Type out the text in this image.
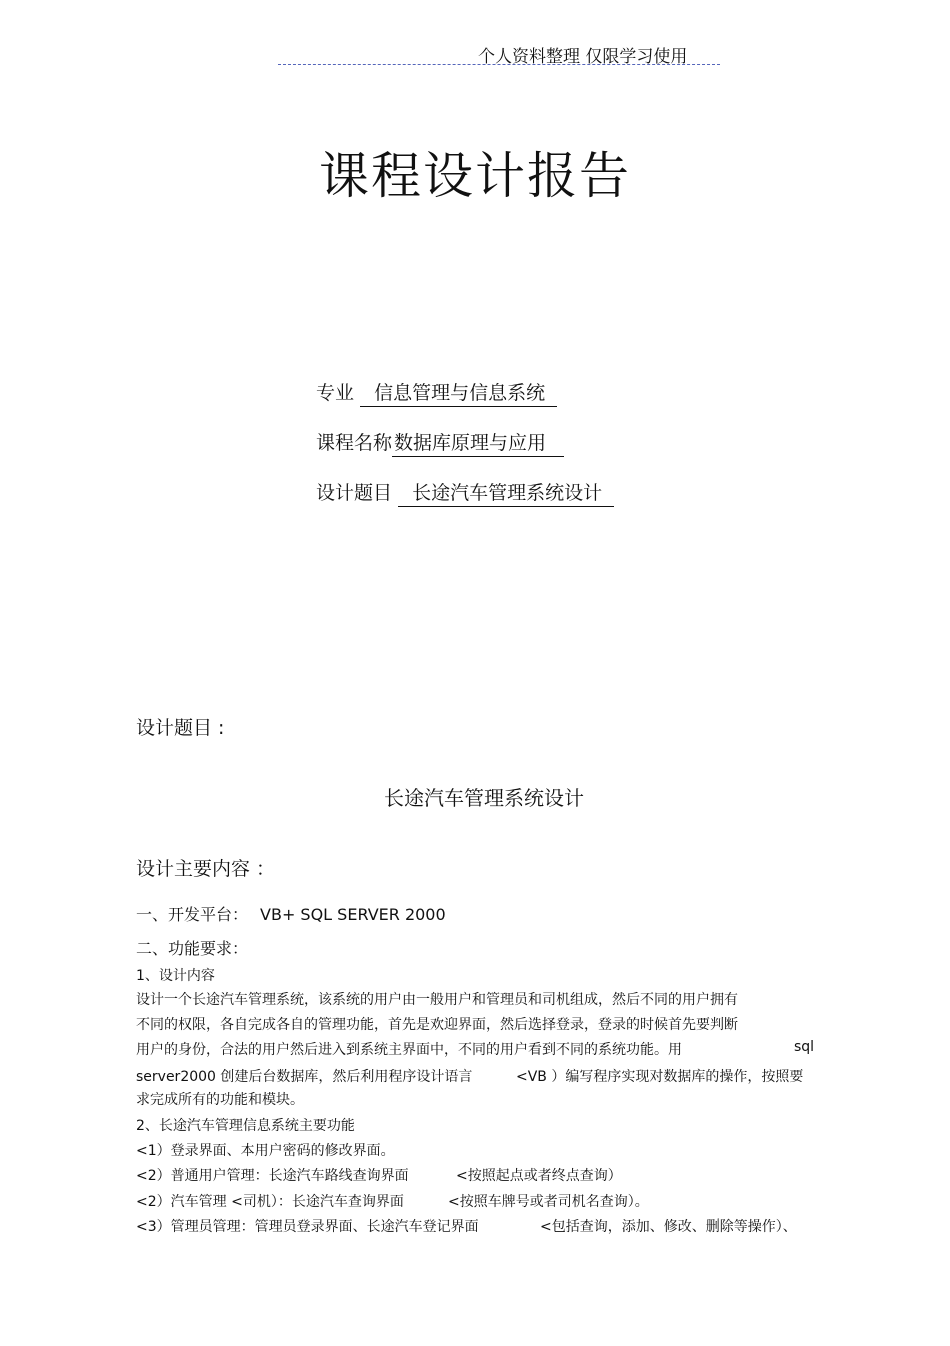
个人资料整理 仅限学习使用
课程设计报告
专业 信息管理与信息系统
课程名称 数据库原理与应用
设计题目 长途汽车管理系统设计
设计题目 :
长途汽车管理系统设计
设计主要内容 ：
一、开发平台： VB+ SQL SERVER 2000
二、功能要求：
1、设计内容
设计一个长途汽车管理系统，该系统的用户由一般用户和管理员和司机组成，然后不同的用户拥有
不同的权限，各自完成各自的管理功能，首先是欢迎界面，然后选择登录，登录的时候首先要判断
用户的身份，合法的用户然后进入到系统主界面中，不同的用户看到不同的系统功能。用	sql
server2000 创建后台数据库，然后利用程序设计语言	<VB ）编写程序实现对数据库的操作，按照要
求完成所有的功能和模块。
2、长途汽车管理信息系统主要功能
<1）登录界面、本用户密码的修改界面。
<2）普通用户管理：长途汽车路线查询界面	<按照起点或者终点查询）
<2）汽车管理 <司机）：长途汽车查询界面	<按照车牌号或者司机名查询）。
<3）管理员管理：管理员登录界面、长途汽车登记界面	<包括查询，添加、修改、删除等操作）、
